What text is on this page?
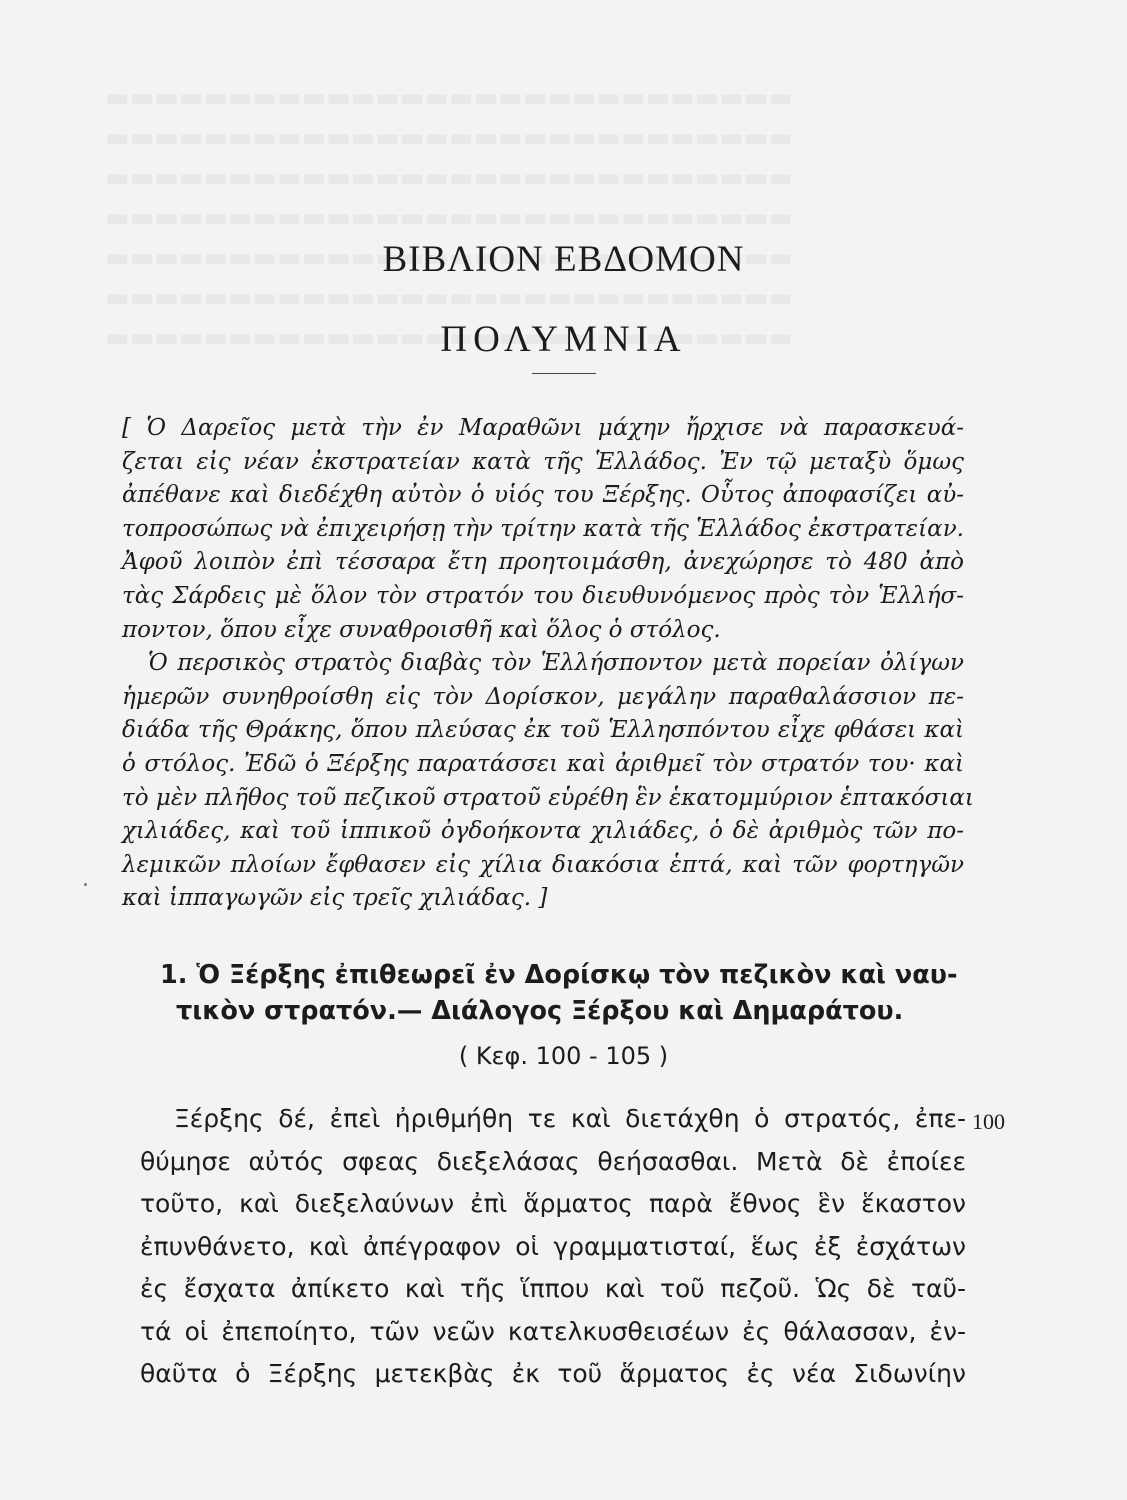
ΒΙΒΛΙΟΝ ΕΒΔΟΜΟΝ
ΠΟΛΥΜΝΙΑ
[ Ὁ Δαρεῖος μετὰ τὴν ἐν Μαραθῶνι μάχην ἤρχισε νὰ παρασκευά-
ζεται εἰς νέαν ἐκστρατείαν κατὰ τῆς Ἑλλάδος. Ἐν τῷ μεταξὺ ὅμως
ἀπέθανε καὶ διεδέχθη αὐτὸν ὁ υἱός του Ξέρξης. Οὗτος ἀποφασίζει αὐ-
τοπροσώπως νὰ ἐπιχειρήσῃ τὴν τρίτην κατὰ τῆς Ἑλλάδος ἐκστρατείαν.
Ἀφοῦ λοιπὸν ἐπὶ τέσσαρα ἔτη προητοιμάσθη, ἀνεχώρησε τὸ 480 ἀπὸ
τὰς Σάρδεις μὲ ὅλον τὸν στρατόν του διευθυνόμενος πρὸς τὸν Ἑλλήσ-
ποντον, ὅπου εἶχε συναθροισθῆ καὶ ὅλος ὁ στόλος.
Ὁ περσικὸς στρατὸς διαβὰς τὸν Ἑλλήσποντον μετὰ πορείαν ὀλίγων
ἡμερῶν συνηθροίσθη εἰς τὸν Δορίσκον, μεγάλην παραθαλάσσιον πε-
διάδα τῆς Θράκης, ὅπου πλεύσας ἐκ τοῦ Ἑλλησπόντου εἶχε φθάσει καὶ
ὁ στόλος. Ἐδῶ ὁ Ξέρξης παρατάσσει καὶ ἀριθμεῖ τὸν στρατόν του· καὶ
τὸ μὲν πλῆθος τοῦ πεζικοῦ στρατοῦ εὑρέθη ἓν ἑκατομμύριον ἑπτακόσιαι
χιλιάδες, καὶ τοῦ ἱππικοῦ ὀγδοήκοντα χιλιάδες, ὁ δὲ ἀριθμὸς τῶν πο-
λεμικῶν πλοίων ἔφθασεν εἰς χίλια διακόσια ἑπτά, καὶ τῶν φορτηγῶν
καὶ ἱππαγωγῶν εἰς τρεῖς χιλιάδας. ]
1. Ὁ Ξέρξης ἐπιθεωρεῖ ἐν Δορίσκῳ τὸν πεζικὸν καὶ ναυ-
τικὸν στρατόν.— Διάλογος Ξέρξου καὶ Δημαράτου.
( Κεφ. 100 - 105 )
100
Ξέρξης δέ, ἐπεὶ ἠριθμήθη τε καὶ διετάχθη ὁ στρατός, ἐπε-
θύμησε αὐτός σφεας διεξελάσας θεήσασθαι. Μετὰ δὲ ἐποίεε
τοῦτο, καὶ διεξελαύνων ἐπὶ ἅρματος παρὰ ἔθνος ἓν ἕκαστον
ἐπυνθάνετο, καὶ ἀπέγραφον οἱ γραμματισταί, ἕως ἐξ ἐσχάτων
ἐς ἔσχατα ἀπίκετο καὶ τῆς ἵππου καὶ τοῦ πεζοῦ. Ὡς δὲ ταῦ-
τά οἱ ἐπεποίητο, τῶν νεῶν κατελκυσθεισέων ἐς θάλασσαν, ἐν-
θαῦτα ὁ Ξέρξης μετεκβὰς ἐκ τοῦ ἅρματος ἐς νέα Σιδωνίην
